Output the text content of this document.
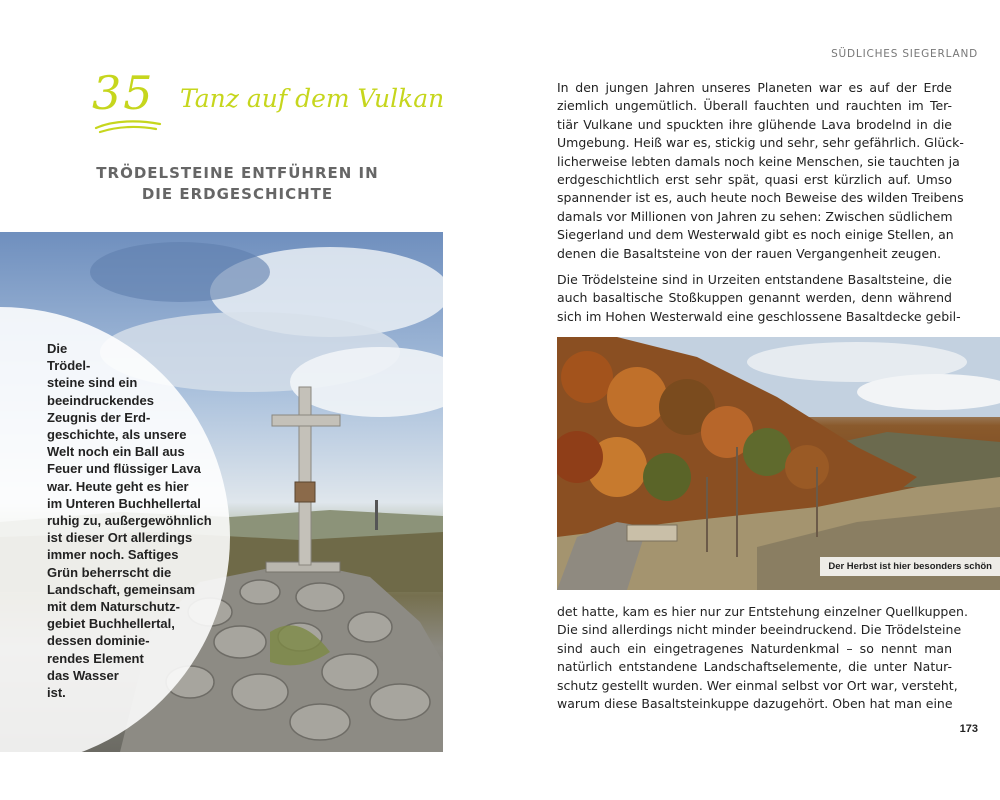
35 Tanz auf dem Vulkan
TRÖDELSTEINE ENTFÜHREN IN
DIE ERDGESCHICHTE
Die
Trödel-
steine sind ein
beeindruckendes
Zeugnis der Erd-
geschichte, als unsere
Welt noch ein Ball aus
Feuer und flüssiger Lava
war. Heute geht es hier
im Unteren Buchhellertal
ruhig zu, außergewöhnlich
ist dieser Ort allerdings
immer noch. Saftiges
Grün beherrscht die
Landschaft, gemeinsam
mit dem Naturschutz-
gebiet Buchhellertal,
dessen dominie-
rendes Element
das Wasser
ist.
SÜDLICHES SIEGERLAND
In den jungen Jahren unseres Planeten war es auf der Erde
ziemlich ungemütlich. Überall fauchten und rauchten im Ter-
tiär Vulkane und spuckten ihre glühende Lava brodelnd in die
Umgebung. Heiß war es, stickig und sehr, sehr gefährlich. Glück-
licherweise lebten damals noch keine Menschen, sie tauchten ja
erdgeschichtlich erst sehr spät, quasi erst kürzlich auf. Umso
spannender ist es, auch heute noch Beweise des wilden Treibens
damals vor Millionen von Jahren zu sehen: Zwischen südlichem
Siegerland und dem Westerwald gibt es noch einige Stellen, an
denen die Basaltsteine von der rauen Vergangenheit zeugen.
Die Trödelsteine sind in Urzeiten entstandene Basaltsteine, die
auch basaltische Stoßkuppen genannt werden, denn während
sich im Hohen Westerwald eine geschlossene Basaltdecke gebil-
Der Herbst ist hier besonders schön
det hatte, kam es hier nur zur Entstehung einzelner Quellkuppen.
Die sind allerdings nicht minder beeindruckend. Die Trödelsteine
sind auch ein eingetragenes Naturdenkmal – so nennt man
natürlich entstandene Landschaftselemente, die unter Natur-
schutz gestellt wurden. Wer einmal selbst vor Ort war, versteht,
warum diese Basaltsteinkuppe dazugehört. Oben hat man eine
173
